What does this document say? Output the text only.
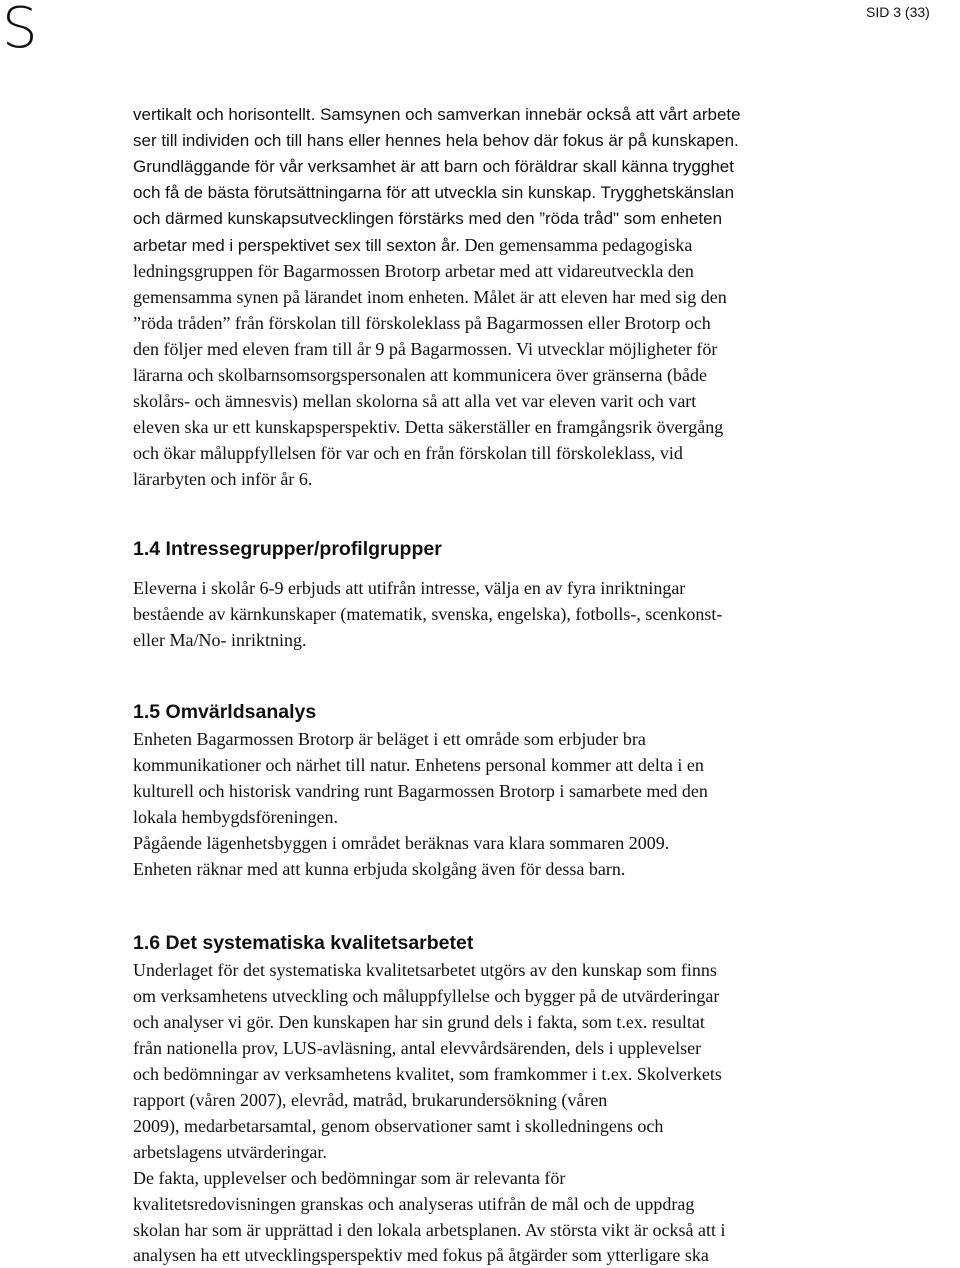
S	SID 3 (33)
vertikalt och horisontellt. Samsynen och samverkan innebär också att vårt arbete
ser till individen och till hans eller hennes hela behov där fokus är på kunskapen.
Grundläggande för vår verksamhet är att barn och föräldrar skall känna trygghet
och få de bästa förutsättningarna för att utveckla sin kunskap. Trygghetskänslan
och därmed kunskapsutvecklingen förstärks med den ”röda tråd" som enheten
arbetar med i perspektivet sex till sexton år. Den gemensamma pedagogiska
ledningsgruppen för Bagarmossen Brotorp arbetar med att vidareutveckla den
gemensamma synen på lärandet inom enheten. Målet är att eleven har med sig den
”röda tråden” från förskolan till förskoleklass på Bagarmossen eller Brotorp och
den följer med eleven fram till år 9 på Bagarmossen. Vi utvecklar möjligheter för
lärarna och skolbarnsomsorgspersonalen att kommunicera över gränserna (både
skolårs- och ämnesvis) mellan skolorna så att alla vet var eleven varit och vart
eleven ska ur ett kunskapsperspektiv. Detta säkerställer en framgångsrik övergång
och ökar måluppfyllelsen för var och en från förskolan till förskoleklass, vid
lärarbyten och inför år 6.
1.4 Intressegrupper/profilgrupper
Eleverna i skolår 6-9 erbjuds att utifrån intresse, välja en av fyra inriktningar
bestående av kärnkunskaper (matematik, svenska, engelska), fotbolls-, scenkonst-
eller Ma/No- inriktning.
1.5 Omvärldsanalys
Enheten Bagarmossen Brotorp är beläget i ett område som erbjuder bra
kommunikationer och närhet till natur. Enhetens personal kommer att delta i en
kulturell och historisk vandring runt Bagarmossen Brotorp i samarbete med den
lokala hembygdsföreningen.
Pågående lägenhetsbyggen i området beräknas vara klara sommaren 2009.
Enheten räknar med att kunna erbjuda skolgång även för dessa barn.
1.6 Det systematiska kvalitetsarbetet
Underlaget för det systematiska kvalitetsarbetet utgörs av den kunskap som finns
om verksamhetens utveckling och måluppfyllelse och bygger på de utvärderingar
och analyser vi gör. Den kunskapen har sin grund dels i fakta, som t.ex. resultat
från nationella prov, LUS-avläsning, antal elevvårdsärenden, dels i upplevelser
och bedömningar av verksamhetens kvalitet, som framkommer i t.ex. Skolverkets
rapport (våren 2007), elevråd, matråd, brukarundersökning (våren
2009), medarbetarsamtal, genom observationer samt i skolledningens och
arbetslagens utvärderingar.
De fakta, upplevelser och bedömningar som är relevanta för
kvalitetsredovisningen granskas och analyseras utifrån de mål och de uppdrag
skolan har som är upprättad i den lokala arbetsplanen. Av största vikt är också att i
analysen ha ett utvecklingsperspektiv med fokus på åtgärder som ytterligare ska
